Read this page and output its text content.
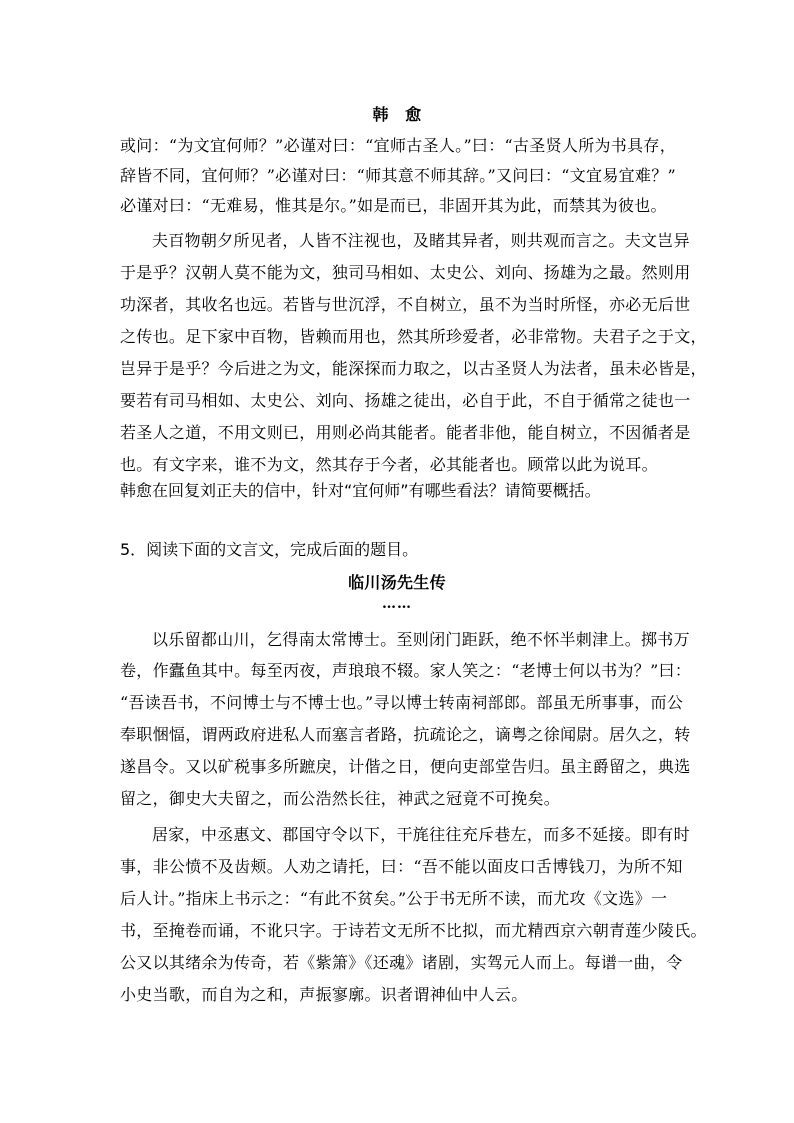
韩　愈
或问：“为文宜何师？”必谨对曰：“宜师古圣人。”曰：“古圣贤人所为书具存，
辞皆不同，宜何师？”必谨对曰：“师其意不师其辞。”又问曰：“文宜易宜难？”
必谨对曰：“无难易，惟其是尔。”如是而已，非固开其为此，而禁其为彼也。
夫百物朝夕所见者，人皆不注视也，及睹其异者，则共观而言之。夫文岂异
于是乎？汉朝人莫不能为文，独司马相如、太史公、刘向、扬雄为之最。然则用
功深者，其收名也远。若皆与世沉浮，不自树立，虽不为当时所怪，亦必无后世
之传也。足下家中百物，皆赖而用也，然其所珍爱者，必非常物。夫君子之于文，
岂异于是乎？今后进之为文，能深探而力取之，以古圣贤人为法者，虽未必皆是，
要若有司马相如、太史公、刘向、扬雄之徒出，必自于此，不自于循常之徒也一
若圣人之道，不用文则已，用则必尚其能者。能者非他，能自树立，不因循者是
也。有文字来，谁不为文，然其存于今者，必其能者也。顾常以此为说耳。
韩愈在回复刘正夫的信中，针对“宜何师”有哪些看法？请简要概括。
5．阅读下面的文言文，完成后面的题目。
临川汤先生传
……
以乐留都山川，乞得南太常博士。至则闭门距跃，绝不怀半刺津上。掷书万
卷，作蠹鱼其中。每至丙夜，声琅琅不辍。家人笑之：“老博士何以书为？”曰：
“吾读吾书，不问博士与不博士也。”寻以博士转南祠部郎。部虽无所事事，而公
奉职悃愊，谓两政府进私人而塞言者路，抗疏论之，谪粤之徐闻尉。居久之，转
遂昌令。又以矿税事多所蹠戾，计偕之日，便向吏部堂告归。虽主爵留之，典选
留之，御史大夫留之，而公浩然长往，神武之冠竟不可挽矣。
居家，中丞惠文、郡国守令以下，干旄往往充斥巷左，而多不延接。即有时
事，非公愤不及齿颊。人劝之请托，曰：“吾不能以面皮口舌博钱刀，为所不知
后人计。”指床上书示之：“有此不贫矣。”公于书无所不读，而尤攻《文选》一
书，至掩卷而诵，不讹只字。于诗若文无所不比拟，而尤精西京六朝青莲少陵氏。
公又以其绪余为传奇，若《紫箫》《还魂》诸剧，实驾元人而上。每谱一曲，令
小史当歌，而自为之和，声振寥廓。识者谓神仙中人云。
